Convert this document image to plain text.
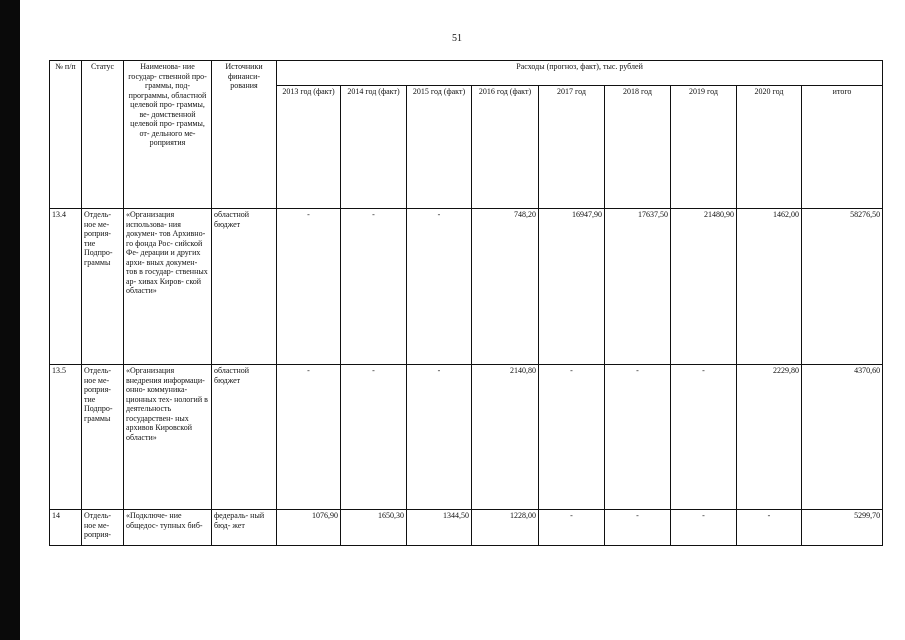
51
№ п/п	Статус	Наименова- ние государ- ственной про- граммы, под- программы, областной целевой про- граммы, ве- домственной целевой про- граммы, от- дельного ме- роприятия	Источники финанси- рования	Расходы (прогноз, факт), тыс. рублей								
				2013 год (факт)	2014 год (факт)	2015 год (факт)	2016 год (факт)	2017 год	2018 год	2019 год	2020 год	итого
13.4	Отдель- ное ме- роприя- тие Подпро- граммы	«Организация использова- ния докумен- тов Архивно- го фонда Рос- сийской Фе- дерации и других архи- вных докумен- тов в государ- ственных ар- хивах Киров- ской области»	областной бюджет	-	-	-	748,20	16947,90	17637,50	21480,90	1462,00	58276,50
13.5	Отдель- ное ме- роприя- тие Подпро- граммы	«Организация внедрения информаци- онно- коммуника- ционных тех- нологий в деятельность государствен- ных архивов Кировской области»	областной бюджет	-	-	-	2140,80	-	-	-	2229,80	4370,60
14	Отдель- ное ме- роприя-	«Подключе- ние общедос- тупных биб-	федераль- ный бюд- жет	1076,90	1650,30	1344,50	1228,00	-	-	-	-	5299,70
